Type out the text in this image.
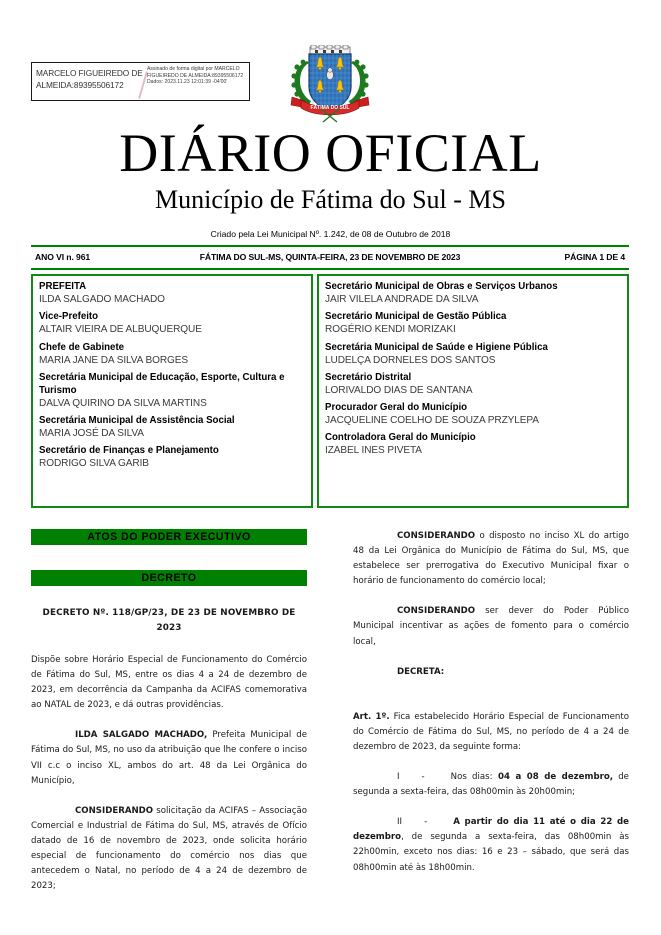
MARCELO FIGUEIREDO DE ALMEIDA:89395506172
Assinado de forma digital por MARCELO FIGUEIREDO DE ALMEIDA:89395506172 Dados: 2023.11.23 12:01:39 -04'00'
FÁTIMA DO SUL
DIÁRIO OFICIAL
Município de Fátima do Sul - MS
Criado pela Lei Municipal Nº. 1.242, de 08 de Outubro de 2018
ANO VI n. 961	FÁTIMA DO SUL-MS, QUINTA-FEIRA, 23 DE NOVEMBRO DE 2023	PÁGINA 1 DE 4
PREFEITA
ILDA SALGADO MACHADO
Vice-Prefeito
ALTAIR VIEIRA DE ALBUQUERQUE
Chefe de Gabinete
MARIA JANE DA SILVA BORGES
Secretária Municipal de Educação, Esporte, Cultura e Turismo
DALVA QUIRINO DA SILVA MARTINS
Secretária Municipal de Assistência Social
MARIA JOSÉ DA SILVA
Secretário de Finanças e Planejamento
RODRIGO SILVA GARIB
Secretário Municipal de Obras e Serviços Urbanos
JAIR VILELA ANDRADE DA SILVA
Secretário Municipal de Gestão Pública
ROGÉRIO KENDI MORIZAKI
Secretária Municipal de Saúde e Higiene Pública
LUDELÇA DORNELES DOS SANTOS
Secretário Distrital
LORIVALDO DIAS DE SANTANA
Procurador Geral do Município
JACQUELINE COELHO DE SOUZA PRZYLEPA
Controladora Geral do Município
IZABEL INES PIVETA
ATOS DO PODER EXECUTIVO
DECRETO
DECRETO Nº. 118/GP/23, DE 23 DE NOVEMBRO DE 2023

Dispõe sobre Horário Especial de Funcionamento do Comércio de Fátima do Sul, MS, entre os dias 4 a 24 de dezembro de 2023, em decorrência da Campanha da ACIFAS comemorativa ao NATAL de 2023, e dá outras providências.

ILDA SALGADO MACHADO, Prefeita Municipal de Fátima do Sul, MS, no uso da atribuição que lhe confere o inciso VII c.c o inciso XL, ambos do art. 48 da Lei Orgânica do Município,

CONSIDERANDO solicitação da ACIFAS – Associação Comercial e Industrial de Fátima do Sul, MS, através de Ofício datado de 16 de novembro de 2023, onde solicita horário especial de funcionamento do comércio nos dias que antecedem o Natal, no período de 4 a 24 de dezembro de 2023;

CONSIDERANDO o disposto no inciso XL do artigo 48 da Lei Orgânica do Município de Fátima do Sul, MS, que estabelece ser prerrogativa do Executivo Municipal fixar o horário de funcionamento do comércio local;

CONSIDERANDO ser dever do Poder Público Municipal incentivar as ações de fomento para o comércio local,

DECRETA:

Art. 1º. Fica estabelecido Horário Especial de Funcionamento do Comércio de Fátima do Sul, MS, no período de 4 a 24 de dezembro de 2023, da seguinte forma:

I	-	Nos dias: 04 a 08 de dezembro, de segunda a sexta-feira, das 08h00min às 20h00min;

II	-	A partir do dia 11 até o dia 22 de dezembro, de segunda a sexta-feira, das 08h00min às 22h00min, exceto nos dias: 16 e 23 – sábado, que será das 08h00min até às 18h00min.
